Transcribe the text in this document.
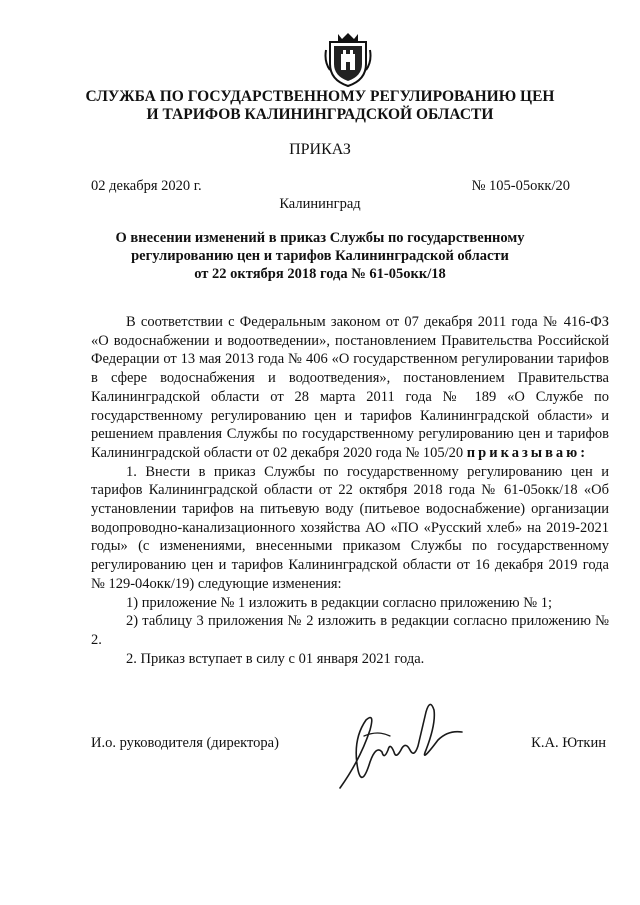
СЛУЖБА ПО ГОСУДАРСТВЕННОМУ РЕГУЛИРОВАНИЮ ЦЕН
И ТАРИФОВ КАЛИНИНГРАДСКОЙ ОБЛАСТИ
ПРИКАЗ
02 декабря 2020 г.	№ 105-05окк/20
Калининград
О внесении изменений в приказ Службы по государственному
регулированию цен и тарифов Калининградской области
от 22 октября 2018 года № 61-05окк/18

В соответствии с Федеральным законом от 07 декабря 2011 года № 416-ФЗ «О водоснабжении и водоотведении», постановлением Правительства Российской Федерации от 13 мая 2013 года № 406 «О государственном регулировании тарифов в сфере водоснабжения и водоотведения», постановлением Правительства Калининградской области от 28 марта 2011 года № 189 «О Службе по государственному регулированию цен и тарифов Калининградской области» и решением правления Службы по государственному регулированию цен и тарифов Калининградской области от 02 декабря 2020 года № 105/20 приказываю:

1. Внести в приказ Службы по государственному регулированию цен и тарифов Калининградской области от 22 октября 2018 года № 61-05окк/18 «Об установлении тарифов на питьевую воду (питьевое водоснабжение) организации водопроводно-канализационного хозяйства АО «ПО «Русский хлеб» на 2019-2021 годы» (с изменениями, внесенными приказом Службы по государственному регулированию цен и тарифов Калининградской области от 16 декабря 2019 года № 129-04окк/19) следующие изменения:

1) приложение № 1 изложить в редакции согласно приложению № 1;

2) таблицу 3 приложения № 2 изложить в редакции согласно приложению № 2.

2. Приказ вступает в силу с 01 января 2021 года.

И.о. руководителя (директора)	К.А. Юткин
